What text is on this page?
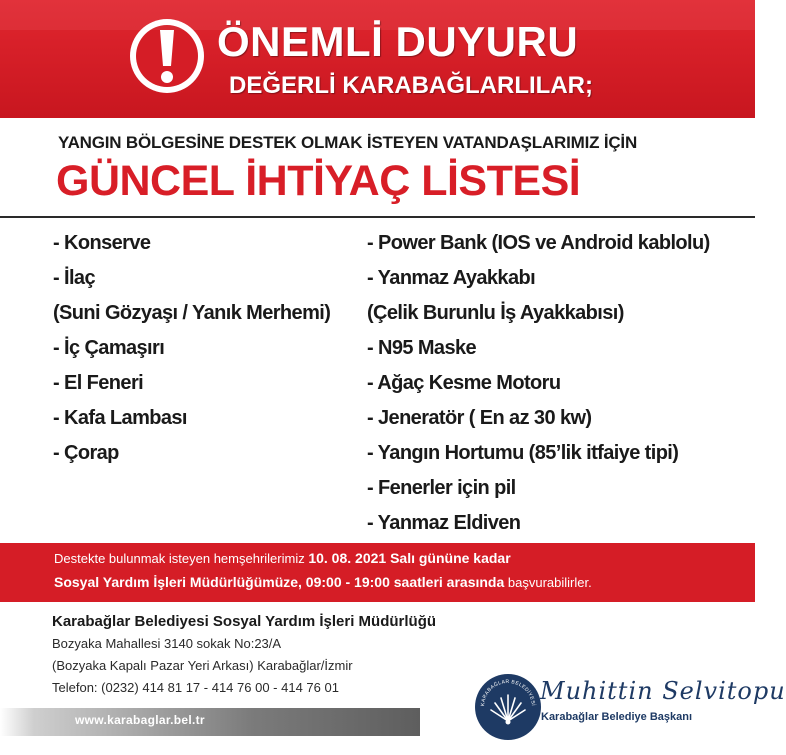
ÖNEMLİ DUYURU
DEĞERLİ KARABAĞLARLILAR;
YANGIN BÖLGESİNE DESTEK OLMAK İSTEYEN VATANDAŞLARIMIZ İÇİN
GÜNCEL İHTİYAÇ LİSTESİ
- Konserve
- İlaç
(Suni Gözyaşı / Yanık Merhemi)
- İç Çamaşırı
- El Feneri
- Kafa Lambası
- Çorap
- Power Bank (IOS ve Android kablolu)
- Yanmaz Ayakkabı
(Çelik Burunlu İş Ayakkabısı)
- N95 Maske
- Ağaç Kesme Motoru
- Jeneratör ( En az 30 kw)
- Yangın Hortumu (85’lik itfaiye tipi)
- Fenerler için pil
- Yanmaz Eldiven
Destekte bulunmak isteyen hemşehrilerimiz 10. 08. 2021 Salı gününe kadar
Sosyal Yardım İşleri Müdürlüğümüze, 09:00 - 19:00 saatleri arasında başvurabilirler.
Karabağlar Belediyesi Sosyal Yardım İşleri Müdürlüğü
Bozyaka Mahallesi 3140 sokak No:23/A
(Bozyaka Kapalı Pazar Yeri Arkası) Karabağlar/İzmir
Telefon: (0232) 414 81 17 - 414 76 00 - 414 76 01
www.karabaglar.bel.tr
KARABAĞLAR BELEDİYESİ
Muhittin Selvitopu
Karabağlar Belediye Başkanı
